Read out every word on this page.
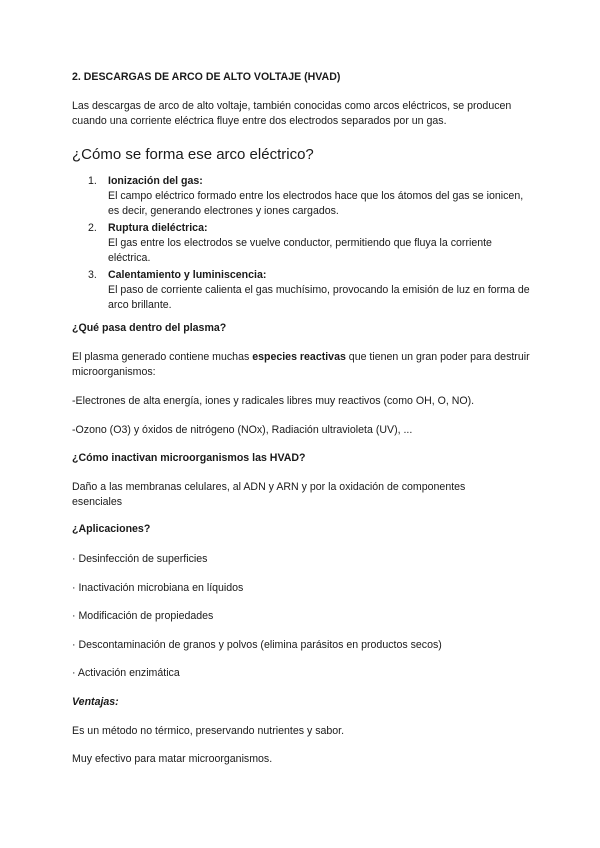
2. DESCARGAS DE ARCO DE ALTO VOLTAJE (HVAD)

Las descargas de arco de alto voltaje, también conocidas como arcos eléctricos, se producen cuando una corriente eléctrica fluye entre dos electrodos separados por un gas.

¿Cómo se forma ese arco eléctrico?

1. Ionización del gas:
El campo eléctrico formado entre los electrodos hace que los átomos del gas se ionicen, es decir, generando electrones y iones cargados.
2. Ruptura dieléctrica:
El gas entre los electrodos se vuelve conductor, permitiendo que fluya la corriente eléctrica.
3. Calentamiento y luminiscencia:
El paso de corriente calienta el gas muchísimo, provocando la emisión de luz en forma de arco brillante.

¿Qué pasa dentro del plasma?

El plasma generado contiene muchas especies reactivas que tienen un gran poder para destruir microorganismos:

-Electrones de alta energía, iones y radicales libres muy reactivos (como OH, O, NO).

-Ozono (O3) y óxidos de nitrógeno (NOx), Radiación ultravioleta (UV), ...

¿Cómo inactivan microorganismos las HVAD?

Daño a las membranas celulares, al ADN y ARN y por la oxidación de componentes esenciales

¿Aplicaciones?

· Desinfección de superficies

· Inactivación microbiana en líquidos

· Modificación de propiedades

· Descontaminación de granos y polvos (elimina parásitos en productos secos)

· Activación enzimática

Ventajas:

Es un método no térmico, preservando nutrientes y sabor.

Muy efectivo para matar microorganismos.
